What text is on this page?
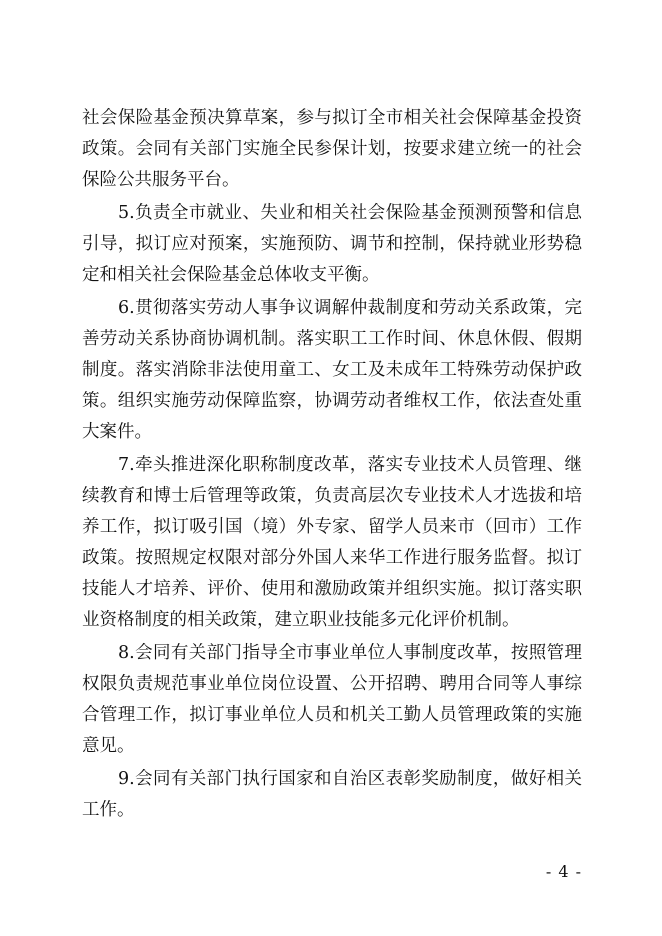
社会保险基金预决算草案，参与拟订全市相关社会保障基金投资
政策。会同有关部门实施全民参保计划，按要求建立统一的社会
保险公共服务平台。
5.负责全市就业、失业和相关社会保险基金预测预警和信息
引导，拟订应对预案，实施预防、调节和控制，保持就业形势稳
定和相关社会保险基金总体收支平衡。
6.贯彻落实劳动人事争议调解仲裁制度和劳动关系政策，完
善劳动关系协商协调机制。落实职工工作时间、休息休假、假期
制度。落实消除非法使用童工、女工及未成年工特殊劳动保护政
策。组织实施劳动保障监察，协调劳动者维权工作，依法查处重
大案件。
7.牵头推进深化职称制度改革，落实专业技术人员管理、继
续教育和博士后管理等政策，负责高层次专业技术人才选拔和培
养工作，拟订吸引国（境）外专家、留学人员来市（回市）工作
政策。按照规定权限对部分外国人来华工作进行服务监督。拟订
技能人才培养、评价、使用和激励政策并组织实施。拟订落实职
业资格制度的相关政策，建立职业技能多元化评价机制。
8.会同有关部门指导全市事业单位人事制度改革，按照管理
权限负责规范事业单位岗位设置、公开招聘、聘用合同等人事综
合管理工作，拟订事业单位人员和机关工勤人员管理政策的实施
意见。
9.会同有关部门执行国家和自治区表彰奖励制度，做好相关
工作。
- 4 -
